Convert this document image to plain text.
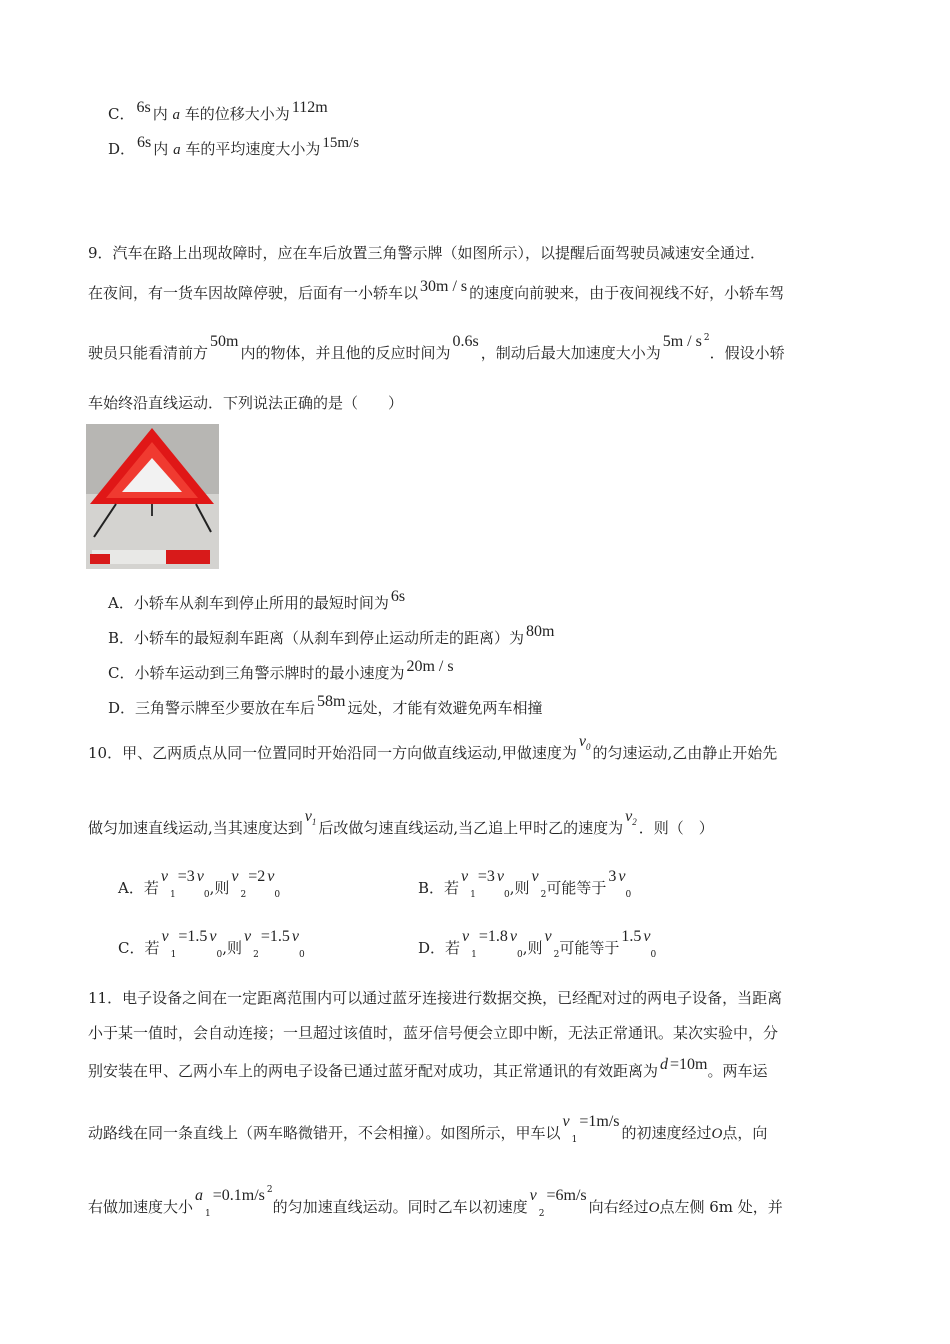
C． 6s 内 a 车的位移大小为 112m
D． 6s 内 a 车的平均速度大小为 15m/s
9．汽车在路上出现故障时，应在车后放置三角警示牌（如图所示），以提醒后面驾驶员减速安全通过．
在夜间，有一货车因故障停驶，后面有一小轿车以 30m / s 的速度向前驶来，由于夜间视线不好，小轿车驾
驶员只能看清前方50m内的物体，并且他的反应时间为0.6s，制动后最大加速度大小为5m / s $^2$．假设小轿
车始终沿直线运动．下列说法正确的是（　　）
A．小轿车从刹车到停止所用的最短时间为 6s
B．小轿车的最短刹车距离（从刹车到停止运动所走的距离）为 80m
C．小轿车运动到三角警示牌时的最小速度为 20m / s
D．三角警示牌至少要放在车后 58m 远处，才能有效避免两车相撞
10．甲、乙两质点从同一位置同时开始沿同一方向做直线运动,甲做速度为$v_0$ 的匀速运动,乙由静止开始先
做匀加速直线运动,当其速度达到$v_1$ 后改做匀速直线运动,当乙追上甲时乙的速度为$v_2$ ．则（　）
A．若$v_1=3$ $v_0$,则$v_2=2$ $v_0$	B．若$v_1=3$ $v_0$,则$v_2$可能等于3 $v_0$
C．若$v_1=1.5$ $v_0$,则$v_2=1.5$ $v_0$	D．若$v_1=1.8$ $v_0$,则$v_2$可能等于1.5 $v_0$
11．电子设备之间在一定距离范围内可以通过蓝牙连接进行数据交换，已经配对过的两电子设备，当距离
小于某一值时，会自动连接；一旦超过该值时，蓝牙信号便会立即中断，无法正常通讯。某次实验中，分
别安装在甲、乙两小车上的两电子设备已通过蓝牙配对成功，其正常通讯的有效距离为 d =10m。两车运
动路线在同一条直线上（两车略微错开，不会相撞）。如图所示，甲车以$v_1=1m/s$的初速度经过O点，向
右做加速度大小$a_1=0.1m/s$ $^2$的匀加速直线运动。同时乙车以初速度$v_2=6m/s$向右经过O点左侧 6m 处，并
